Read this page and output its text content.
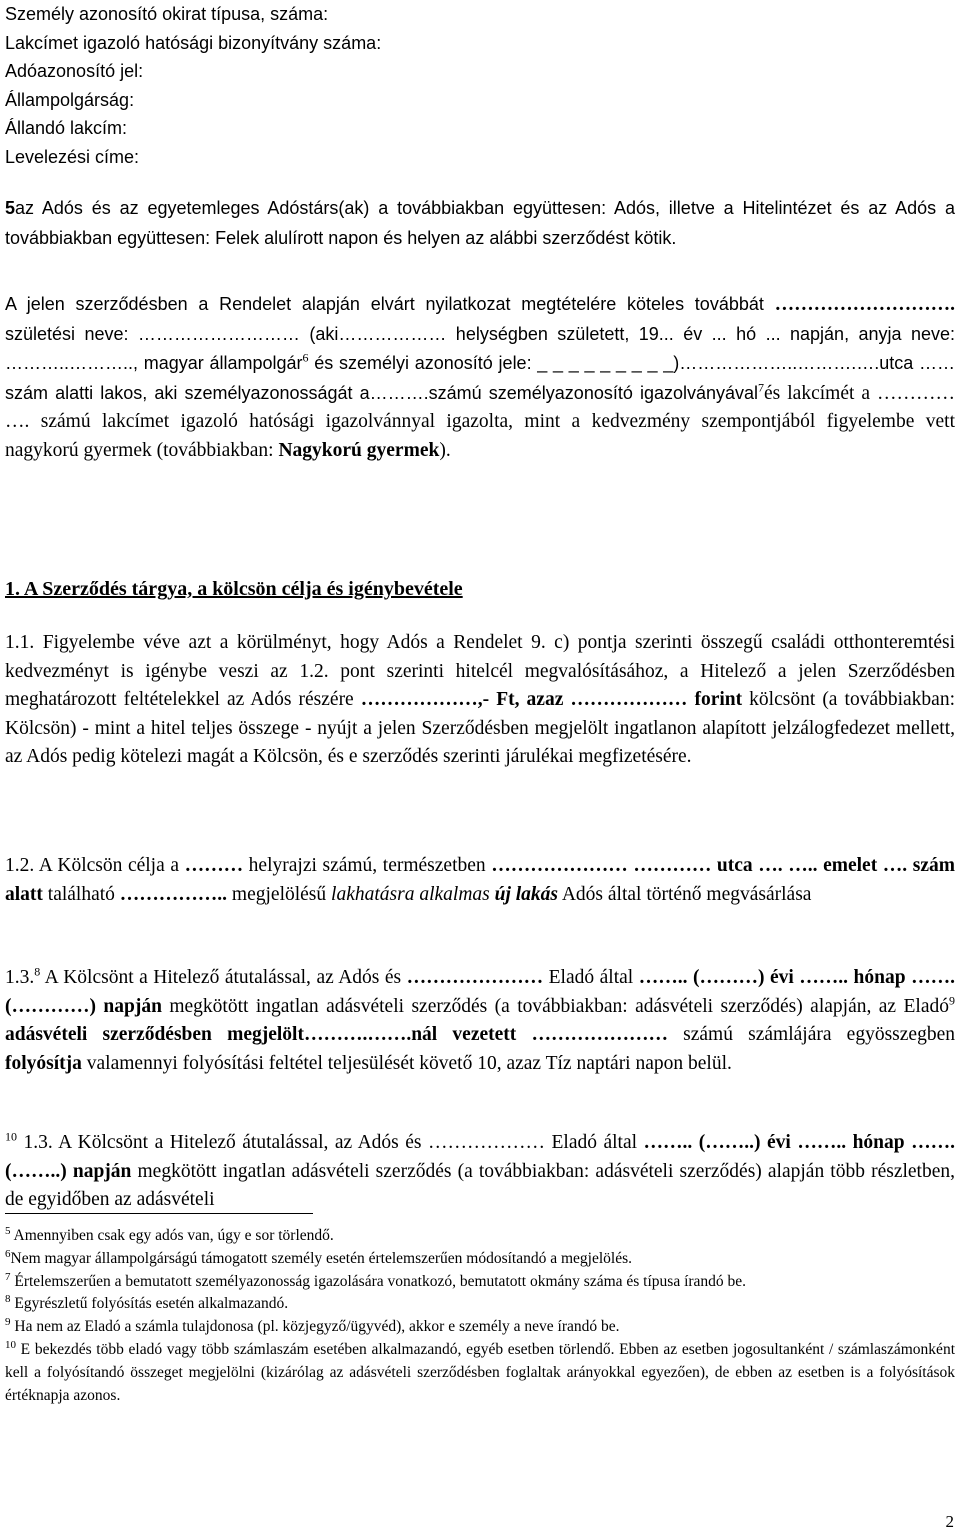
Személy azonosító okirat típusa, száma:
Lakcímet igazoló hatósági bizonyítvány száma:
Adóazonosító jel:
Állampolgárság:
Állandó lakcím:
Levelezési címe:

5az Adós és az egyetemleges Adóstárs(ak) a továbbiakban együttesen: Adós, illetve a Hitelintézet és az Adós a továbbiakban együttesen: Felek alulírott napon és helyen az alábbi szerződést kötik.

A jelen szerződésben a Rendelet alapján elvárt nyilatkozat megtételére köteles továbbát ………………………. születési neve: ……………………… (aki……………… helységben született, 19... év ... hó ... napján, anyja neve: ………..……….., magyar állampolgár$^6$ és személyi azonosító jele: _ _ _ _ _ _ _ _ _)………………..……….….utca …… szám alatti lakos, aki személyazonosságát a……….számú személyazonosító igazolványával$^7$és lakcímét a ………… …. számú lakcímet igazoló hatósági igazolvánnyal igazolta, mint a kedvezmény szempontjából figyelembe vett nagykorú gyermek (továbbiakban: Nagykorú gyermek).

1. A Szerződés tárgya, a kölcsön célja és igénybevétele

1.1. Figyelembe véve azt a körülményt, hogy Adós a Rendelet 9. c) pontja szerinti összegű családi otthonteremtési kedvezményt is igénybe veszi az 1.2. pont szerinti hitelcél megvalósításához, a Hitelező a jelen Szerződésben meghatározott feltételekkel az Adós részére ………………,- Ft, azaz ……………… forint kölcsönt (a továbbiakban: Kölcsön) - mint a hitel teljes összege - nyújt a jelen Szerződésben megjelölt ingatlanon alapított jelzálogfedezet mellett, az Adós pedig kötelezi magát a Kölcsön, és e szerződés szerinti járulékai megfizetésére.

1.2. A Kölcsön célja a ……… helyrajzi számú, természetben ………………… ………… utca …. ….. emelet …. szám alatt található …………….. megjelölésű lakhatásra alkalmas új lakás Adós által történő megvásárlása

1.3.$^8$ A Kölcsönt a Hitelező átutalással, az Adós és ………………… Eladó által …….. (………) évi …….. hónap …….(…………) napján megkötött ingatlan adásvételi szerződés (a továbbiakban: adásvételi szerződés) alapján, az Eladó$^9$ adásvételi szerződésben megjelölt……….…….nál vezetett ………………… számú számlájára egyösszegben folyósítja valamennyi folyósítási feltétel teljesülését követő 10, azaz Tíz naptári napon belül.

$^{10}$ 1.3. A Kölcsönt a Hitelező átutalással, az Adós és ……………… Eladó által …….. (……..) évi …….. hónap ……. (……..) napján megkötött ingatlan adásvételi szerződés (a továbbiakban: adásvételi szerződés) alapján több részletben, de egyidőben az adásvételi

$^5$ Amennyiben csak egy adós van, úgy e sor törlendő.

$^6$Nem magyar állampolgárságú támogatott személy esetén értelemszerűen módosítandó a megjelölés.

$^7$ Értelemszerűen a bemutatott személyazonosság igazolására vonatkozó, bemutatott okmány száma és típusa írandó be.

$^8$ Egyrészletű folyósítás esetén alkalmazandó.

$^9$ Ha nem az Eladó a számla tulajdonosa (pl. közjegyző/ügyvéd), akkor e személy a neve írandó be.

$^{10}$ E bekezdés több eladó vagy több számlaszám esetében alkalmazandó, egyéb esetben törlendő. Ebben az esetben jogosultanként / számlaszámonként kell a folyósítandó összeget megjelölni (kizárólag az adásvételi szerződésben foglaltak arányokkal egyezően), de ebben az esetben is a folyósítások értéknapja azonos.

2
